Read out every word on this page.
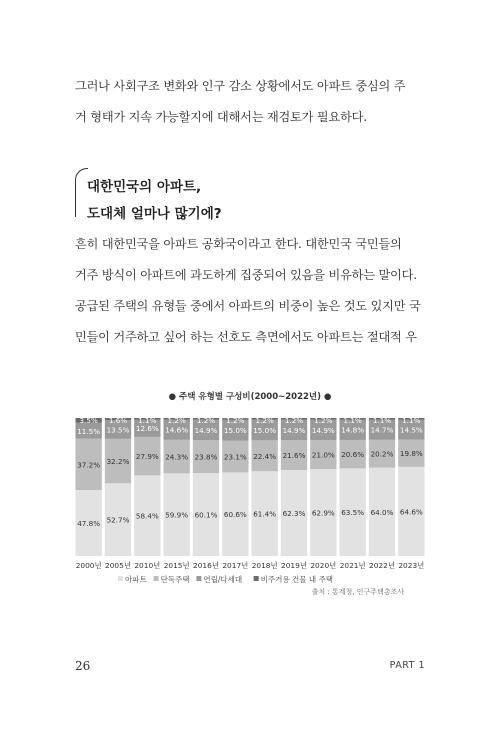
그러나 사회구조 변화와 인구 감소 상황에서도 아파트 중심의 주
거 형태가 지속 가능할지에 대해서는 재검토가 필요하다.

대한민국의 아파트,
도대체 얼마나 많기에?

흔히 대한민국을 아파트 공화국이라고 한다. 대한민국 국민들의
거주 방식이 아파트에 과도하게 집중되어 있음을 비유하는 말이다.
공급된 주택의 유형들 중에서 아파트의 비중이 높은 것도 있지만 국
민들이 거주하고 싶어 하는 선호도 측면에서도 아파트는 절대적 우

● 주택 유형별 구성비(2000~2022년) ●
47.8%
37.2%
11.5%
3.5%
2000년
52.7%
32.2%
13.5%
1.6%
2005년
58.4%
27.9%
12.6%
1.1%
2010년
59.9%
24.3%
14.6%
1.2%
2015년
60.1%
23.8%
14.9%
1.2%
2016년
60.6%
23.1%
15.0%
1.2%
2017년
61.4%
22.4%
15.0%
1.2%
2018년
62.3%
21.6%
14.9%
1.2%
2019년
62.9%
21.0%
14.9%
1.2%
2020년
63.5%
20.6%
14.8%
1.1%
2021년
64.0%
20.2%
14.7%
1.1%
2022년
64.6%
19.8%
14.5%
1.1%
2023년
아파트 단독주택 연립/다세대 비주거용 건물 내 주택
출처 : 통계청, 인구주택총조사
26	PART 1
